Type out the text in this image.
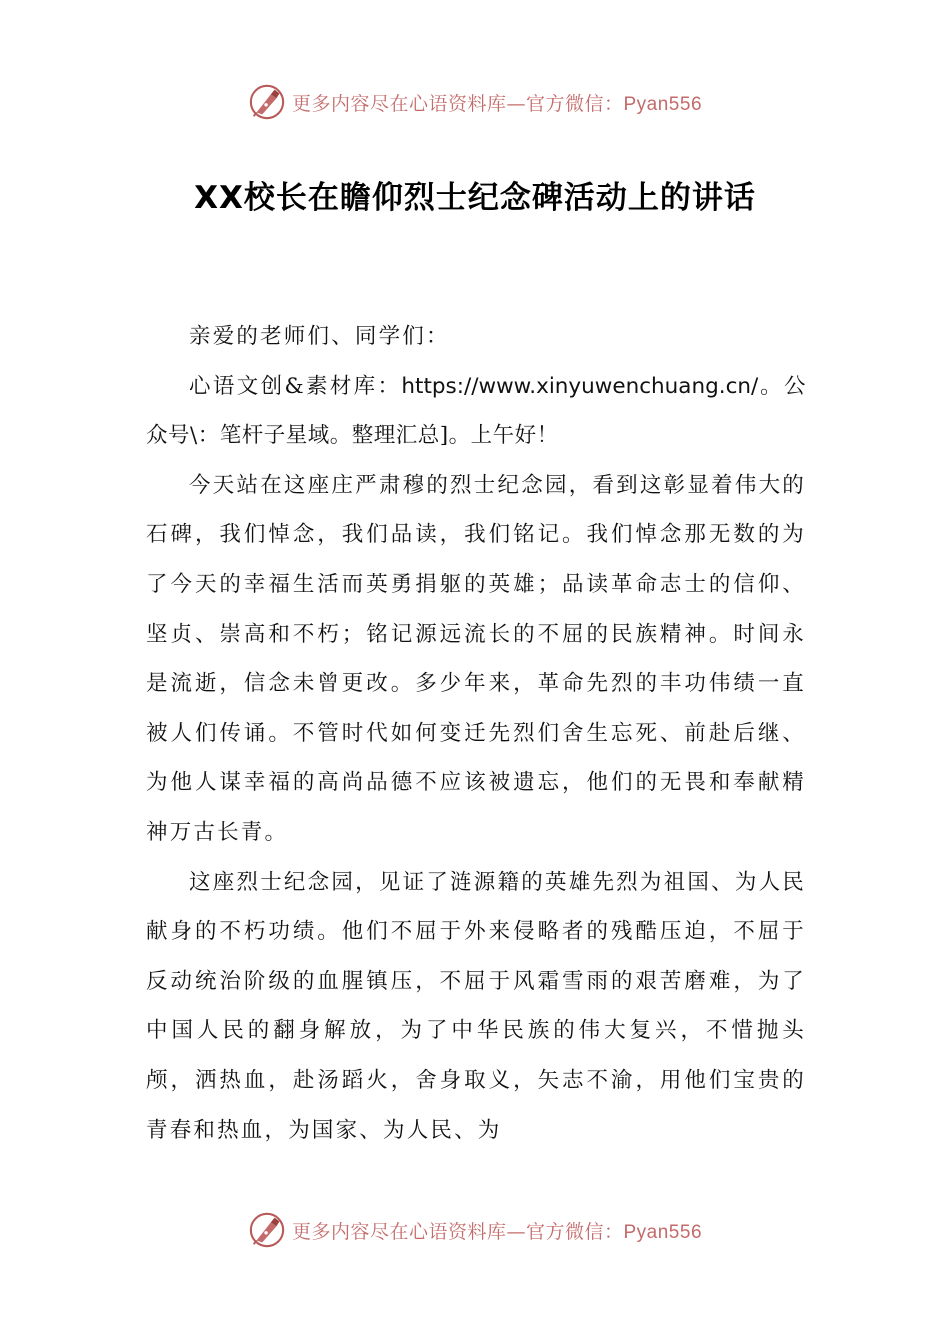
更多内容尽在心语资料库—官方微信：Pyan556
XX校长在瞻仰烈士纪念碑活动上的讲话

亲爱的老师们、同学们：

心语文创&素材库：https://www.xinyuwenchuang.cn/。公众号\：笔杆子星域。整理汇总]。上午好！

今天站在这座庄严肃穆的烈士纪念园，看到这彰显着伟大的石碑，我们悼念，我们品读，我们铭记。我们悼念那无数的为了今天的幸福生活而英勇捐躯的英雄；品读革命志士的信仰、坚贞、崇高和不朽；铭记源远流长的不屈的民族精神。时间永是流逝，信念未曾更改。多少年来，革命先烈的丰功伟绩一直被人们传诵。不管时代如何变迁先烈们舍生忘死、前赴后继、为他人谋幸福的高尚品德不应该被遗忘，他们的无畏和奉献精神万古长青。

这座烈士纪念园，见证了涟源籍的英雄先烈为祖国、为人民献身的不朽功绩。他们不屈于外来侵略者的残酷压迫，不屈于反动统治阶级的血腥镇压，不屈于风霜雪雨的艰苦磨难，为了中国人民的翻身解放，为了中华民族的伟大复兴，不惜抛头颅，洒热血，赴汤蹈火，舍身取义，矢志不渝，用他们宝贵的青春和热血，为国家、为人民、为

更多内容尽在心语资料库—官方微信：Pyan556
